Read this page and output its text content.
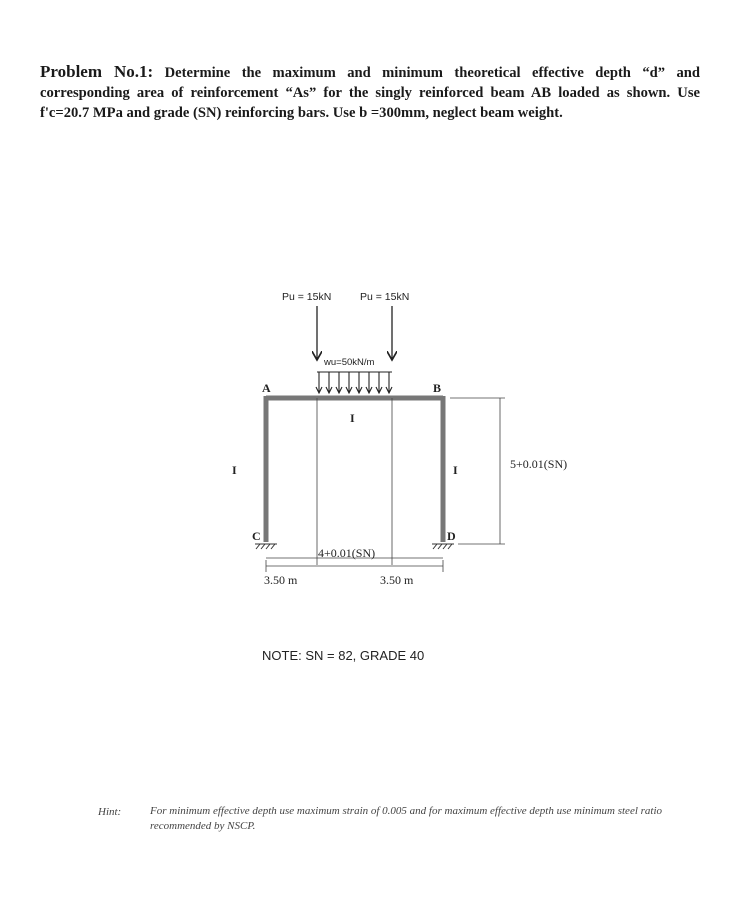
Problem No.1: Determine the maximum and minimum theoretical effective depth “d” and corresponding area of reinforcement “As” for the singly reinforced beam AB loaded as shown. Use f'c=20.7 MPa and grade (SN) reinforcing bars. Use b =300mm, neglect beam weight.
Pu = 15kN	Pu = 15kN
wu=50kN/m
A	B
C	D
I
I	I	5+0.01(SN)
4+0.01(SN)
3.50 m	3.50 m
NOTE: SN = 82, GRADE 40
Hint:	For minimum effective depth use maximum strain of 0.005 and for maximum effective depth use minimum steel ratio recommended by NSCP.
